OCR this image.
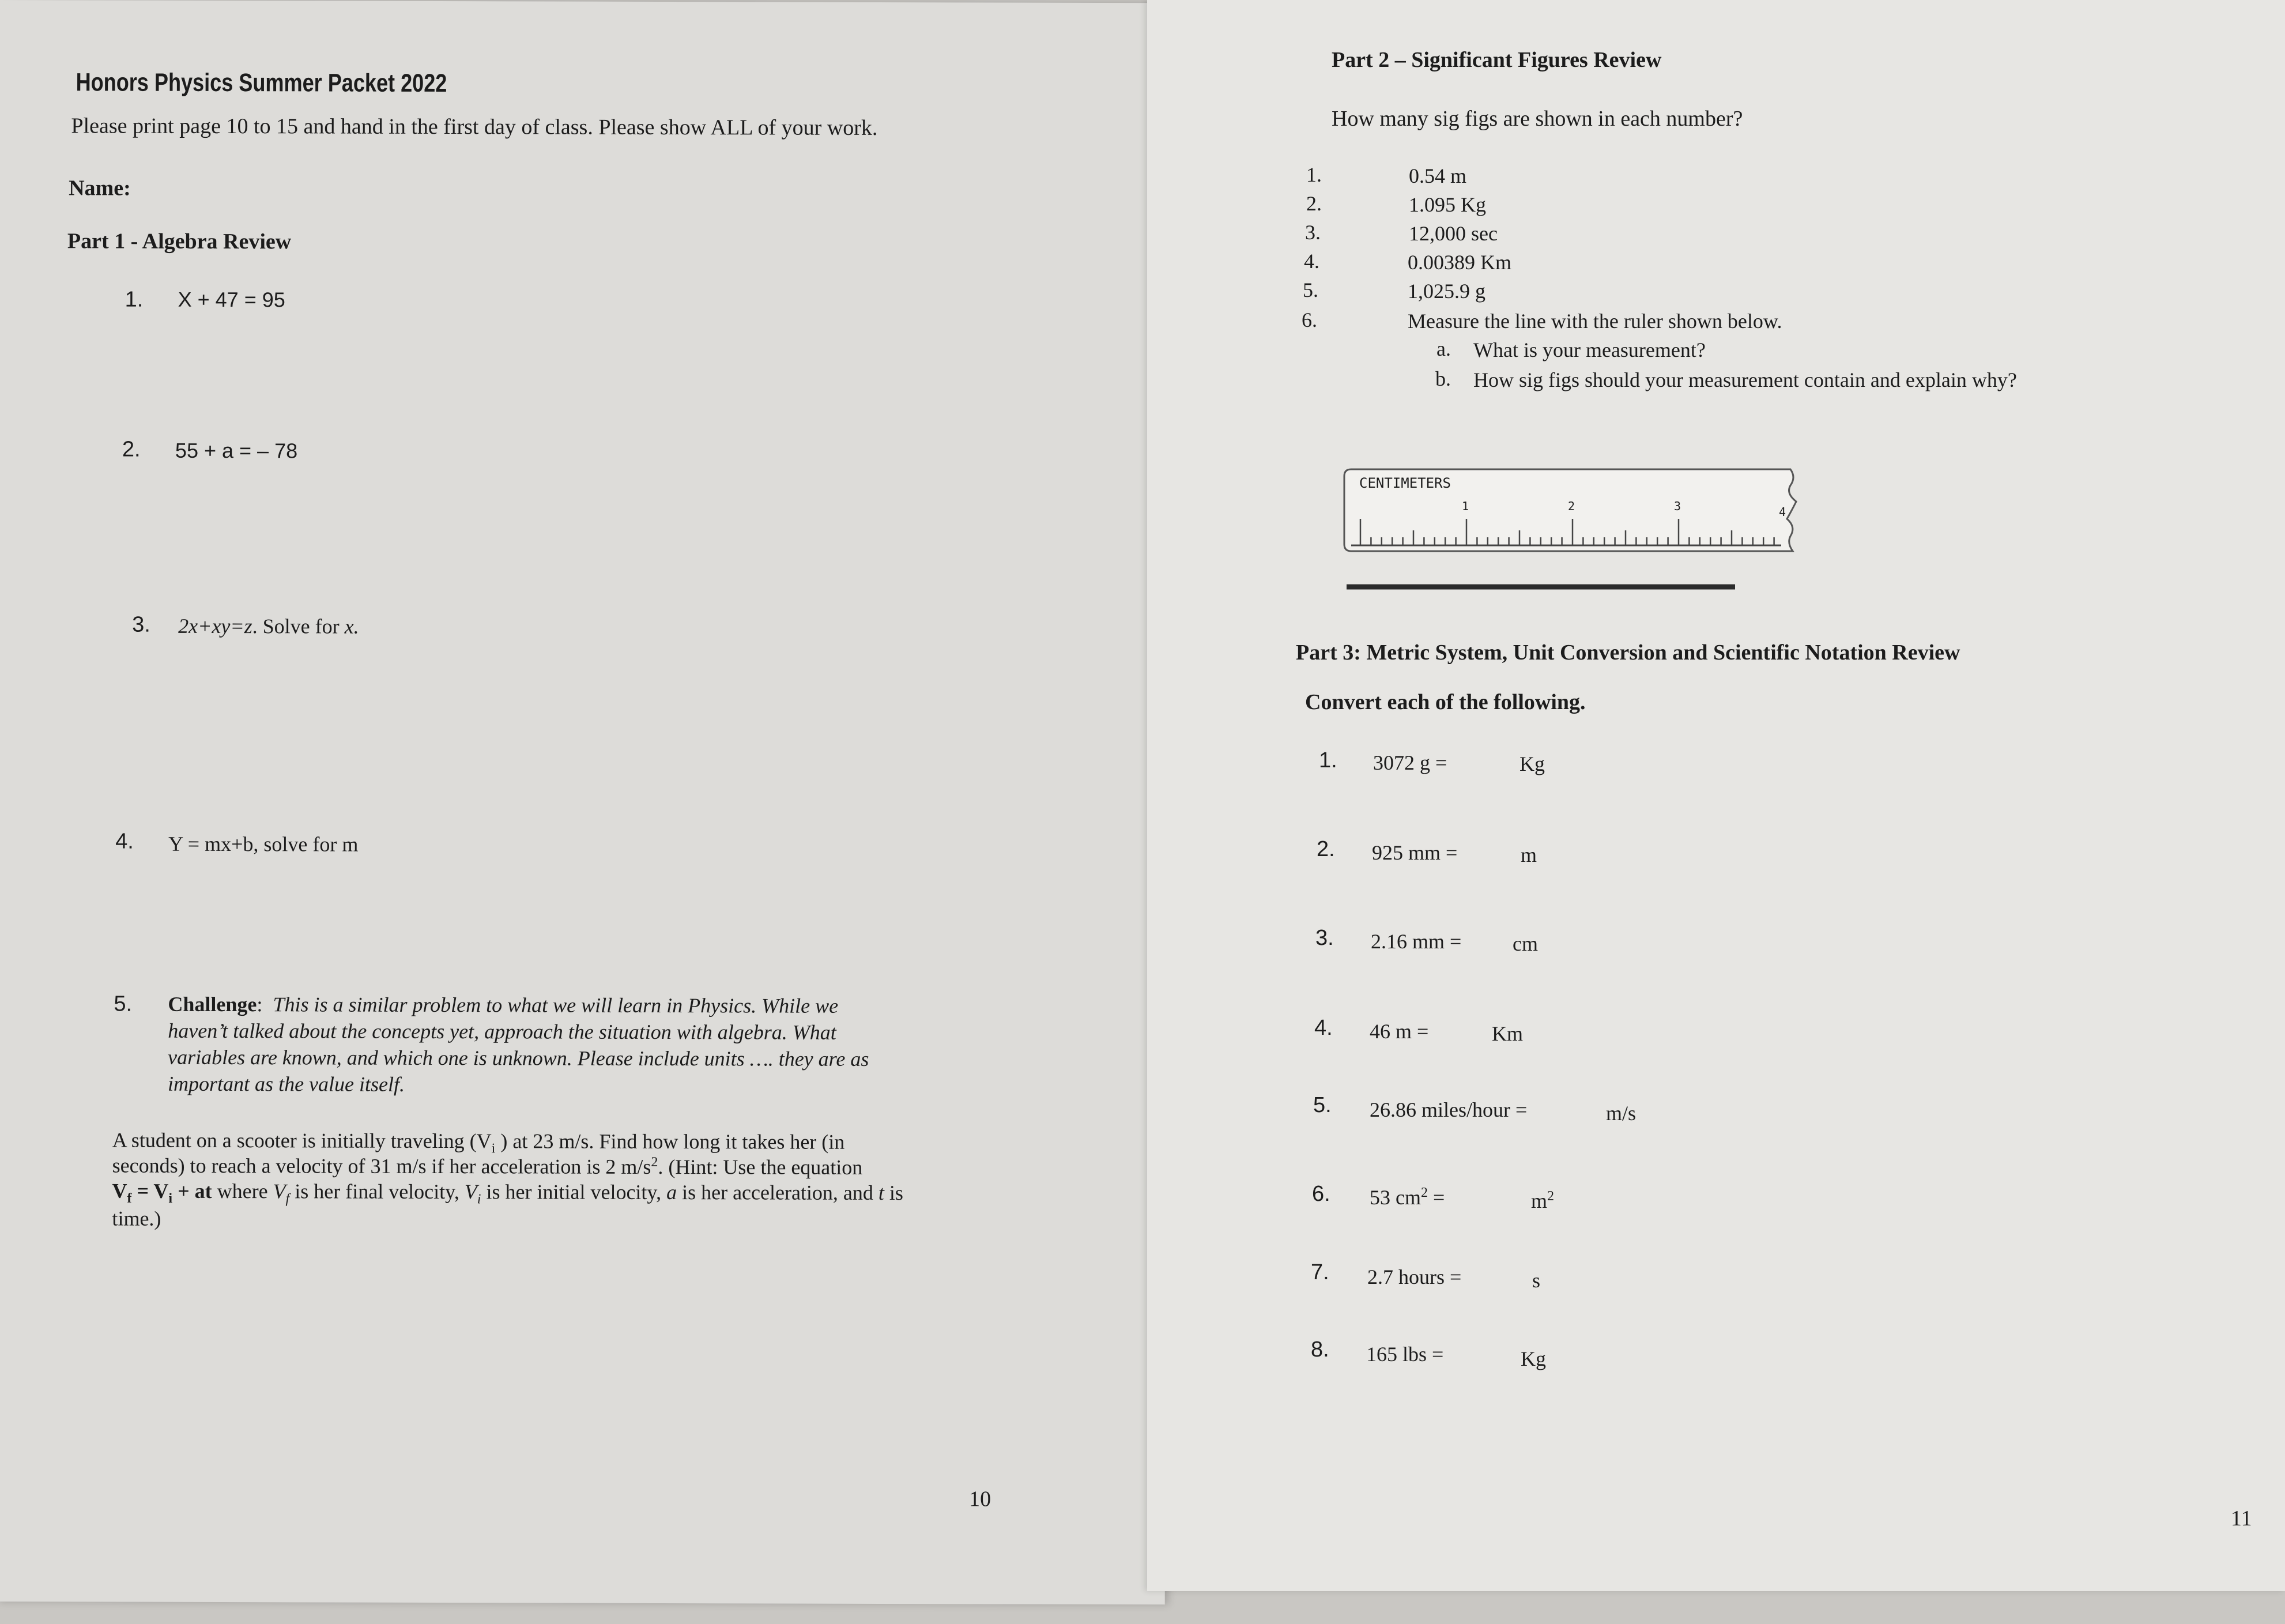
Honors Physics Summer Packet 2022
Please print page 10 to 15 and hand in the first day of class. Please show ALL of your work.
Name:
Part 1 - Algebra Review
1. X + 47 = 95
2. 55 + a = – 78
3. 2x+xy=z. Solve for x.
4. Y = mx+b, solve for m
5. Challenge: This is a similar problem to what we will learn in Physics. While we
haven’t talked about the concepts yet, approach the situation with algebra. What
variables are known, and which one is unknown. Please include units …. they are as
important as the value itself.
A student on a scooter is initially traveling ($V_i$ ) at 23 m/s. Find how long it takes her (in
seconds) to reach a velocity of 31 m/s if her acceleration is 2 $m/s^2$. (Hint: Use the equation
$V_f = V_i$ + at where $V_f$ is her final velocity, $V_i$ is her initial velocity, a is her acceleration, and t is
time.)
10
Part 2 – Significant Figures Review
How many sig figs are shown in each number?
1.	0.54 m
2.	1.095 Kg
3.	12,000 sec
4.	0.00389 Km
5.	1,025.9 g
6.	Measure the line with the ruler shown below.
a. What is your measurement?
b. How sig figs should your measurement contain and explain why?
CENTIMETERS
1	2	3	4
Part 3: Metric System, Unit Conversion and Scientific Notation Review
Convert each of the following.
1. 3072 g =	Kg
2. 925 mm =	m
3. 2.16 mm = cm
4. 46 m =	Km
5. 26.86 miles/hour =	m/s
6. 53 $cm^2$ =	$m^2$
7. 2.7 hours =	s
8. 165 lbs =	Kg
11
